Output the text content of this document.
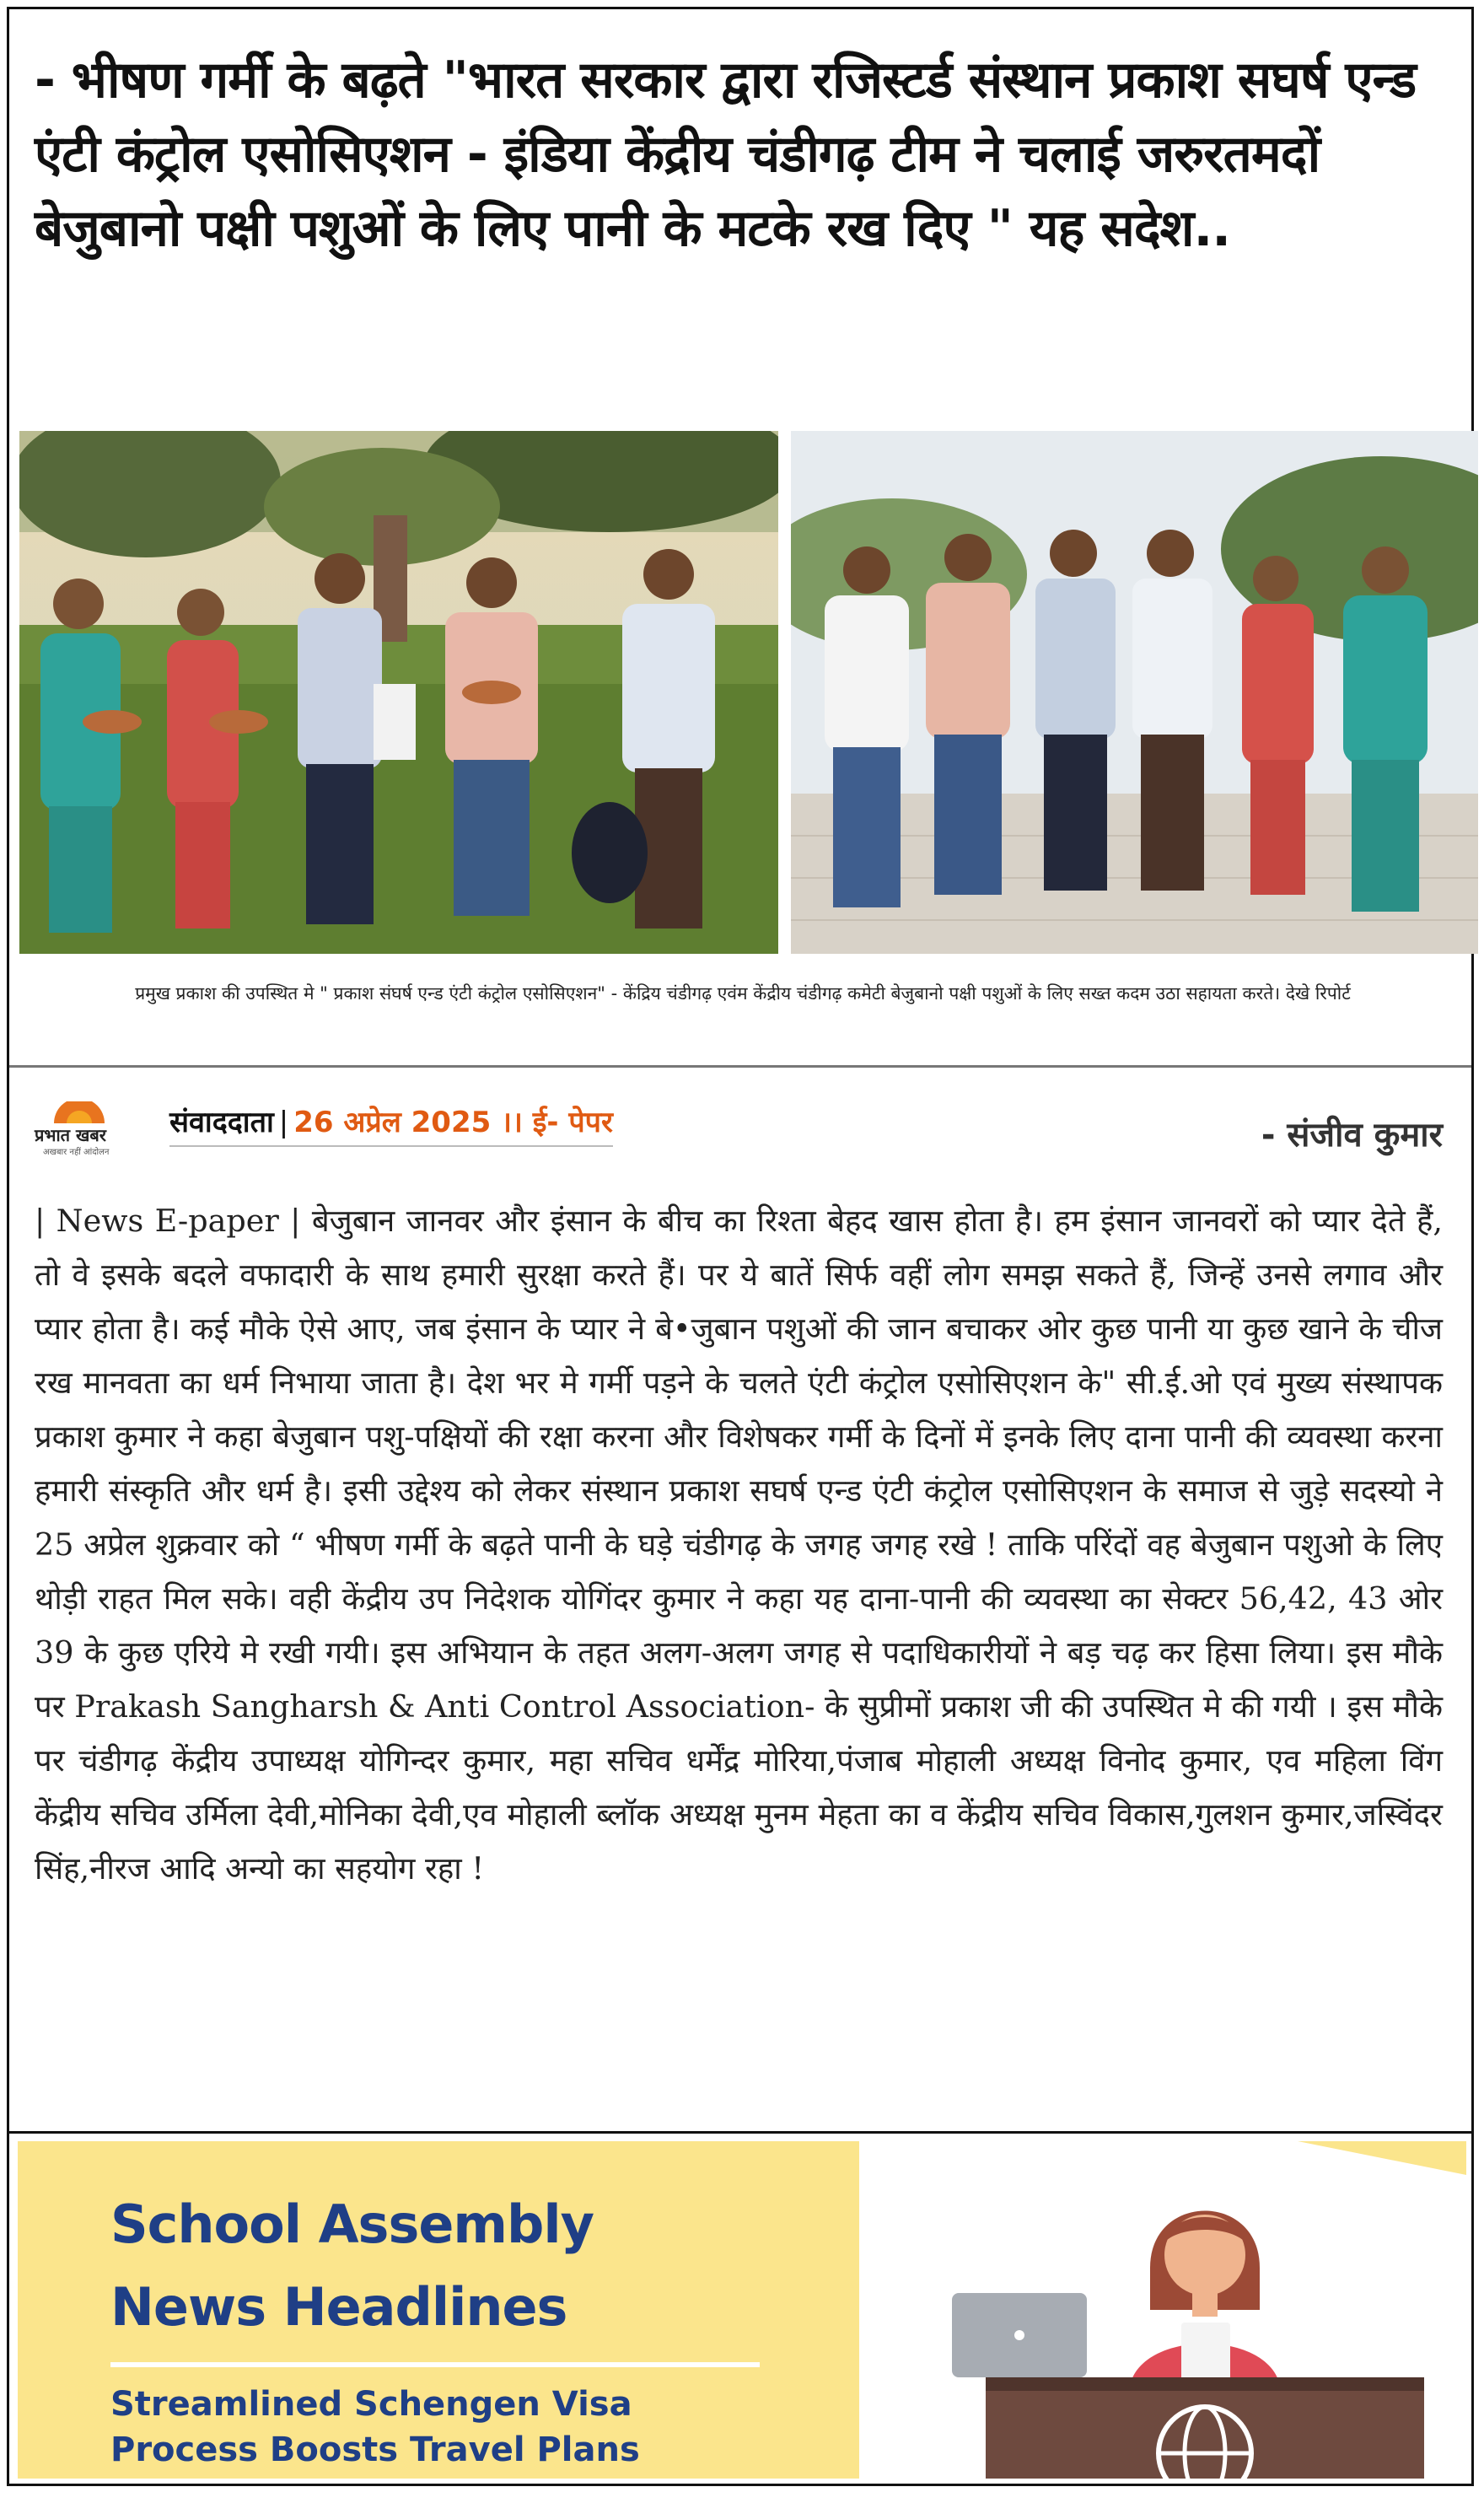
- भीषण गर्मी के बढ़ते "भारत सरकार द्वारा रजिस्टर्ड संस्थान प्रकाश सघर्ष एन्ड एंटी कंट्रोल एसोसिएशन - इंडिया केंद्रीय चंडीगढ़ टीम ने चलाई जरुरतमदों बेजुबानो पक्षी पशुओं के लिए पानी के मटके रख दिए " यह सदेश..
प्रमुख प्रकाश की उपस्थित मे " प्रकाश संघर्ष एन्ड एंटी कंट्रोल एसोसिएशन" - केंद्रिय चंडीगढ़ एवंम केंद्रीय चंडीगढ़ कमेटी बेजुबानो पक्षी पशुओं के लिए सख्त कदम उठा सहायता करते। देखे रिपोर्ट
प्रभात खबर
अखबार नहीं आंदोलन
संवाददाता | 26 अप्रेल 2025 ।। ई- पेपर	- संजीव कुमार
| News E-paper | बेजुबान जानवर और इंसान के बीच का रिश्ता बेहद खास होता है। हम इंसान जानवरों को प्यार देते हैं, तो वे इसके बदले वफादारी के साथ हमारी सुरक्षा करते हैं। पर ये बातें सिर्फ वहीं लोग समझ सकते हैं, जिन्हें उनसे लगाव और प्यार होता है। कई मौके ऐसे आए, जब इंसान के प्यार ने बे•जुबान पशुओं की जान बचाकर ओर कुछ पानी या कुछ खाने के चीज रख मानवता का धर्म निभाया जाता है। देश भर मे गर्मी पड़ने के चलते एंटी कंट्रोल एसोसिएशन के" सी.ई.ओ एवं मुख्य संस्थापक प्रकाश कुमार ने कहा बेजुबान पशु-पक्षियों की रक्षा करना और विशेषकर गर्मी के दिनों में इनके लिए दाना पानी की व्यवस्था करना हमारी संस्कृति और धर्म है। इसी उद्देश्य को लेकर संस्थान प्रकाश सघर्ष एन्ड एंटी कंट्रोल एसोसिएशन के समाज से जुड़े सदस्यो ने 25 अप्रेल शुक्रवार को “ भीषण गर्मी के बढ़ते पानी के घड़े चंडीगढ़ के जगह जगह रखे ! ताकि परिंदों वह बेजुबान पशुओ के लिए थोड़ी राहत मिल सके। वही केंद्रीय उप निदेशक योगिंदर कुमार ने कहा यह दाना-पानी की व्यवस्था का सेक्टर 56,42, 43 ओर 39 के कुछ एरिये मे रखी गयी। इस अभियान के तहत अलग-अलग जगह से पदाधिकारीयों ने बड़ चढ़ कर हिसा लिया। इस मौके पर Prakash Sangharsh & Anti Control Association- के सुप्रीमों प्रकाश जी की उपस्थित मे की गयी । इस मौके पर चंडीगढ़ केंद्रीय उपाध्यक्ष योगिन्दर कुमार, महा सचिव धर्मेंद्र मोरिया,पंजाब मोहाली अध्यक्ष विनोद कुमार, एव महिला विंग केंद्रीय सचिव उर्मिला देवी,मोनिका देवी,एव मोहाली ब्लॉक अध्यक्ष मुनम मेहता का व केंद्रीय सचिव विकास,गुलशन कुमार,जस्विंदर सिंह,नीरज आदि अन्यो का सहयोग रहा !
School Assembly
News Headlines
Streamlined Schengen Visa
Process Boosts Travel Plans
